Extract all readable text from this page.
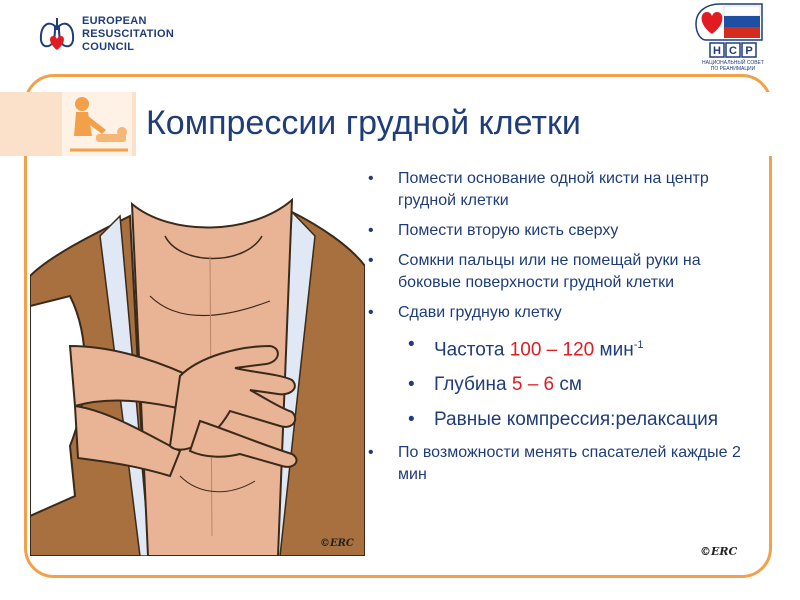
EUROPEAN
RESUSCITATION
COUNCIL	Н С Р
НАЦИОНАЛЬНЫЙ СОВЕТ
ПО РЕАНИМАЦИИ
Компрессии грудной клетки
©ERC
• Помести основание одной кисти на центр грудной клетки
• Помести вторую кисть сверху
• Сомкни пальцы или не помещай руки на боковые поверхности грудной клетки
• Сдави грудную клетку
• Частота 100 – 120 мин$^{-1}$
• Глубина 5 – 6 см
• Равные компрессия:релаксация
• По возможности менять спасателей каждые 2 мин
©ERC
